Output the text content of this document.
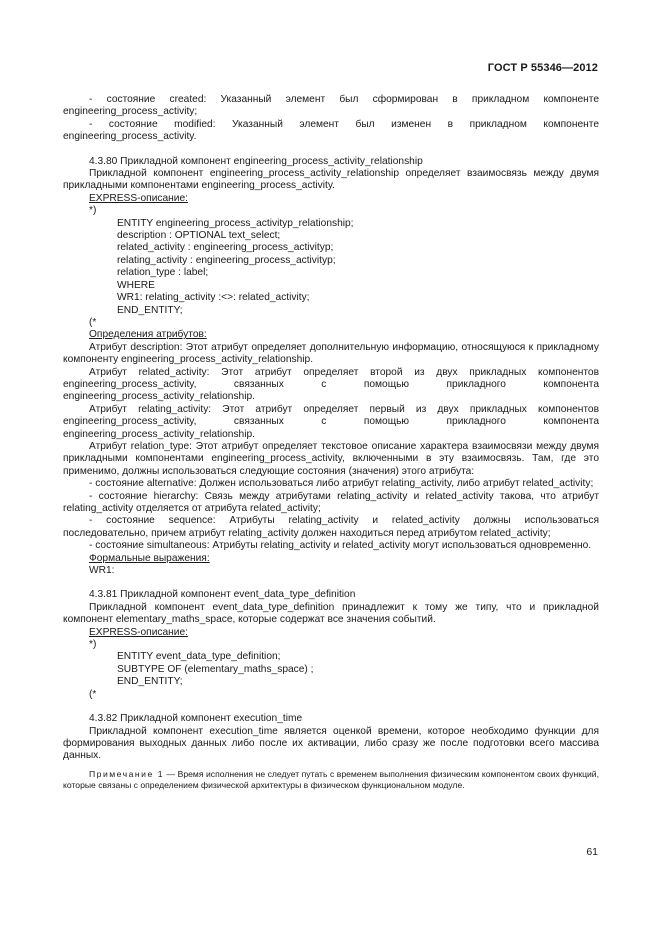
ГОСТ Р 55346—2012

- состояние created: Указанный элемент был сформирован в прикладном компоненте engineering_process_activity;

- состояние modified: Указанный элемент был изменен в прикладном компоненте engineering_process_activity.

4.3.80 Прикладной компонент engineering_process_activity_relationship

Прикладной компонент engineering_process_activity_relationship определяет взаимосвязь между двумя прикладными компонентами engineering_process_activity.

EXPRESS-описание:

*)

ENTITY engineering_process_activityp_relationship;

description : OPTIONAL text_select;

related_activity : engineering_process_activityp;

relating_activity : engineering_process_activityp;

relation_type : label;

WHERE

WR1: relating_activity :<>: related_activity;

END_ENTITY;

(*

Определения атрибутов:

Атрибут description: Этот атрибут определяет дополнительную информацию, относящуюся к прикладному компоненту engineering_process_activity_relationship.

Атрибут related_activity: Этот атрибут определяет второй из двух прикладных компонентов engineering_process_activity, связанных с помощью прикладного компонента engineering_process_activity_relationship.

Атрибут relating_activity: Этот атрибут определяет первый из двух прикладных компонентов engineering_process_activity, связанных с помощью прикладного компонента engineering_process_activity_relationship.

Атрибут relation_type: Этот атрибут определяет текстовое описание характера взаимосвязи между двумя прикладными компонентами engineering_process_activity, включенными в эту взаимосвязь. Там, где это применимо, должны использоваться следующие состояния (значения) этого атрибута:

- состояние alternative: Должен использоваться либо атрибут relating_activity, либо атрибут related_activity;

- состояние hierarchy: Связь между атрибутами relating_activity и related_activity такова, что атрибут relating_activity отделяется от атрибута related_activity;

- состояние sequence: Атрибуты relating_activity и related_activity должны использоваться последовательно, причем атрибут relating_activity должен находиться перед атрибутом related_activity;

- состояние simultaneous: Атрибуты relating_activity и related_activity могут использоваться одновременно.

Формальные выражения:

WR1:

4.3.81 Прикладной компонент event_data_type_definition

Прикладной компонент event_data_type_definition принадлежит к тому же типу, что и прикладной компонент elementary_maths_space, которые содержат все значения событий.

EXPRESS-описание:

*)

ENTITY event_data_type_definition;

SUBTYPE OF (elementary_maths_space) ;

END_ENTITY;

(*

4.3.82 Прикладной компонент execution_time

Прикладной компонент execution_time является оценкой времени, которое необходимо функции для формирования выходных данных либо после их активации, либо сразу же после подготовки всего массива данных.

Примечание 1 — Время исполнения не следует путать с временем выполнения физическим компонентом своих функций, которые связаны с определением физической архитектуры в физическом функциональном модуле.

61
